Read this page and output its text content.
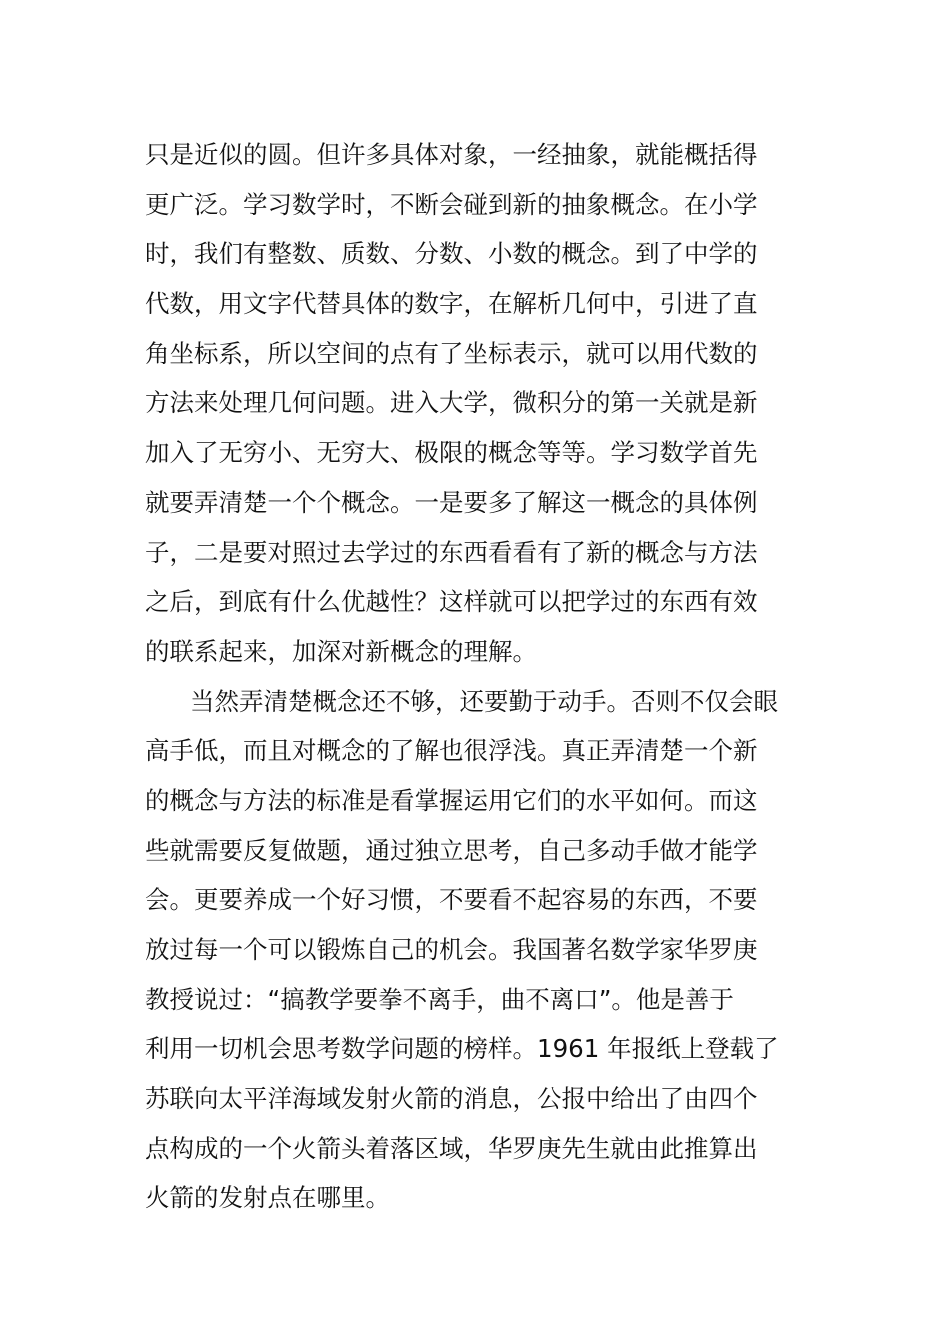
只是近似的圆。但许多具体对象，一经抽象，就能概括得
更广泛。学习数学时，不断会碰到新的抽象概念。在小学
时，我们有整数、质数、分数、小数的概念。到了中学的
代数，用文字代替具体的数字，在解析几何中，引进了直
角坐标系，所以空间的点有了坐标表示，就可以用代数的
方法来处理几何问题。进入大学，微积分的第一关就是新
加入了无穷小、无穷大、极限的概念等等。学习数学首先
就要弄清楚一个个概念。一是要多了解这一概念的具体例
子，二是要对照过去学过的东西看看有了新的概念与方法
之后，到底有什么优越性？这样就可以把学过的东西有效
的联系起来，加深对新概念的理解。
当然弄清楚概念还不够，还要勤于动手。否则不仅会眼
高手低，而且对概念的了解也很浮浅。真正弄清楚一个新
的概念与方法的标准是看掌握运用它们的水平如何。而这
些就需要反复做题，通过独立思考，自己多动手做才能学
会。更要养成一个好习惯，不要看不起容易的东西，不要
放过每一个可以锻炼自己的机会。我国著名数学家华罗庚
教授说过：“搞教学要拳不离手，曲不离口”。他是善于
利用一切机会思考数学问题的榜样。1961 年报纸上登载了
苏联向太平洋海域发射火箭的消息，公报中给出了由四个
点构成的一个火箭头着落区域，华罗庚先生就由此推算出
火箭的发射点在哪里。
